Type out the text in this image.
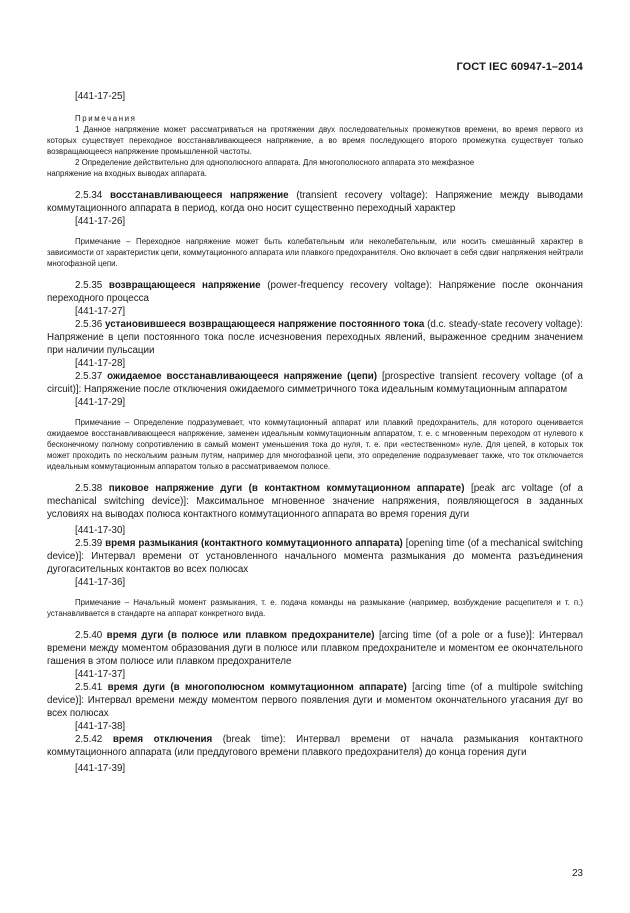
ГОСТ IEC 60947-1–2014

[441-17-25]

Примечания

1 Данное напряжение может рассматриваться на протяжении двух последовательных промежутков времени, во время первого из которых существует переходное восстанавливающееся напряжение, а во время последующего второго промежутка существует только возвращающееся напряжение промышленной частоты.

2 Определение действительно для однополюсного аппарата. Для многополюсного аппарата это межфазное

напряжение на входных выводах аппарата.

2.5.34 восстанавливающееся напряжение (transient recovery voltage): Напряжение между выводами коммутационного аппарата в период, когда оно носит существенно переходный характер

[441-17-26]

Примечание – Переходное напряжение может быть колебательным или неколебательным, или носить смешанный характер в зависимости от характеристик цепи, коммутационного аппарата или плавкого предохранителя. Оно включает в себя сдвиг напряжения нейтрали многофазной цепи.

2.5.35 возвращающееся напряжение (power-frequency recovery voltage): Напряжение после окончания переходного процесса

[441-17-27]

2.5.36 установившееся возвращающееся напряжение постоянного тока (d.c. steady-state recovery voltage): Напряжение в цепи постоянного тока после исчезновения переходных явлений, выраженное средним значением при наличии пульсации

[441-17-28]

2.5.37 ожидаемое восстанавливающееся напряжение (цепи) [prospective transient recovery voltage (of a circuit)]: Напряжение после отключения ожидаемого симметричного тока идеальным коммутационным аппаратом

[441-17-29]

Примечание – Определение подразумевает, что коммутационный аппарат или плавкий предохранитель, для которого оценивается ожидаемое восстанавливающееся напряжение, заменен идеальным коммутационным аппаратом, т. е. с мгновенным переходом от нулевого к бесконечному полному сопротивлению в самый момент уменьшения тока до нуля, т. е. при «естественном» нуле. Для цепей, в которых ток может проходить по нескольким разным путям, например для многофазной цепи, это определение подразумевает также, что ток отключается идеальным коммутационным аппаратом только в рассматриваемом полюсе.

2.5.38 пиковое напряжение дуги (в контактном коммутационном аппарате) [peak arc voltage (of a mechanical switching device)]: Максимальное мгновенное значение напряжения, появляющегося в заданных условиях на выводах полюса контактного коммутационного аппарата во время горения дуги

[441-17-30]

2.5.39 время размыкания (контактного коммутационного аппарата) [opening time (of a mechanical switching device)]: Интервал времени от установленного начального момента размыкания до момента разъединения дугогасительных контактов во всех полюсах

[441-17-36]

Примечание – Начальный момент размыкания, т. е. подача команды на размыкание (например, возбуждение расцепителя и т. п.) устанавливается в стандарте на аппарат конкретного вида.

2.5.40 время дуги (в полюсе или плавком предохранителе) [arcing time (of a pole or a fuse)]: Интервал времени между моментом образования дуги в полюсе или плавком предохранителе и моментом ее окончательного гашения в этом полюсе или плавком предохранителе

[441-17-37]

2.5.41 время дуги (в многополюсном коммутационном аппарате) [arcing time (of a multipole switching device)]: Интервал времени между моментом первого появления дуги и моментом окончательного угасания дуг во всех полюсах

[441-17-38]

2.5.42 время отключения (break time): Интервал времени от начала размыкания контактного коммутационного аппарата (или преддугового времени плавкого предохранителя) до конца горения дуги

[441-17-39]

23
